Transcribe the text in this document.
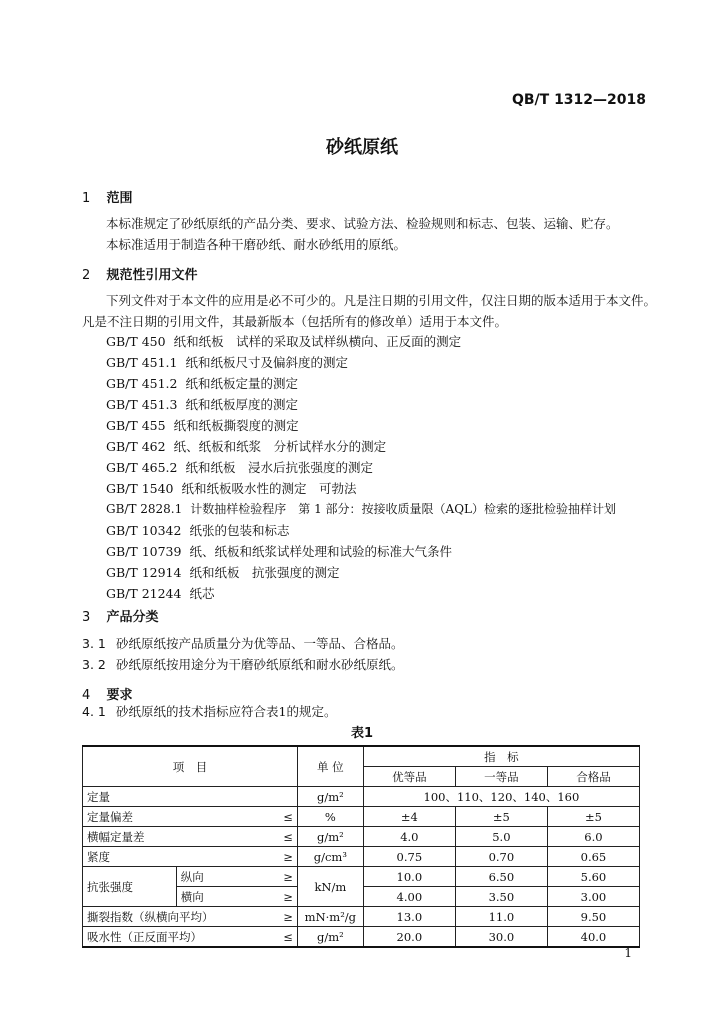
QB/T 1312—2018
砂纸原纸
1 范围
本标准规定了砂纸原纸的产品分类、要求、试验方法、检验规则和标志、包装、运输、贮存。
本标准适用于制造各种干磨砂纸、耐水砂纸用的原纸。
2 规范性引用文件
下列文件对于本文件的应用是必不可少的。凡是注日期的引用文件，仅注日期的版本适用于本文件。
凡是不注日期的引用文件，其最新版本（包括所有的修改单）适用于本文件。
GB/T 450 纸和纸板　试样的采取及试样纵横向、正反面的测定
GB/T 451.1 纸和纸板尺寸及偏斜度的测定
GB/T 451.2 纸和纸板定量的测定
GB/T 451.3 纸和纸板厚度的测定
GB/T 455 纸和纸板撕裂度的测定
GB/T 462 纸、纸板和纸浆　分析试样水分的测定
GB/T 465.2 纸和纸板　浸水后抗张强度的测定
GB/T 1540 纸和纸板吸水性的测定　可勃法
GB/T 2828.1 计数抽样检验程序　第 1 部分：按接收质量限（AQL）检索的逐批检验抽样计划
GB/T 10342 纸张的包装和标志
GB/T 10739 纸、纸板和纸浆试样处理和试验的标准大气条件
GB/T 12914 纸和纸板　抗张强度的测定
GB/T 21244 纸芯
3 产品分类
3. 1 砂纸原纸按产品质量分为优等品、一等品、合格品。
3. 2 砂纸原纸按用途分为干磨砂纸原纸和耐水砂纸原纸。
4 要求
4. 1 砂纸原纸的技术指标应符合表1的规定。
表1
项　目			单 位	指　标		
				优等品	一等品	合格品
定量			g/m²	100、110、120、140、160		
定量偏差		≤	%	±4	±5	±5
横幅定量差		≤	g/m²	4.0	5.0	6.0
紧度		≥	g/cm³	0.75	0.70	0.65
抗张强度	纵向	≥	kN/m	10.0	6.50	5.60
	横向	≥		4.00	3.50	3.00
撕裂指数（纵横向平均）		≥	mN·m²/g	13.0	11.0	9.50
吸水性（正反面平均）		≤	g/m²	20.0	30.0	40.0
1
